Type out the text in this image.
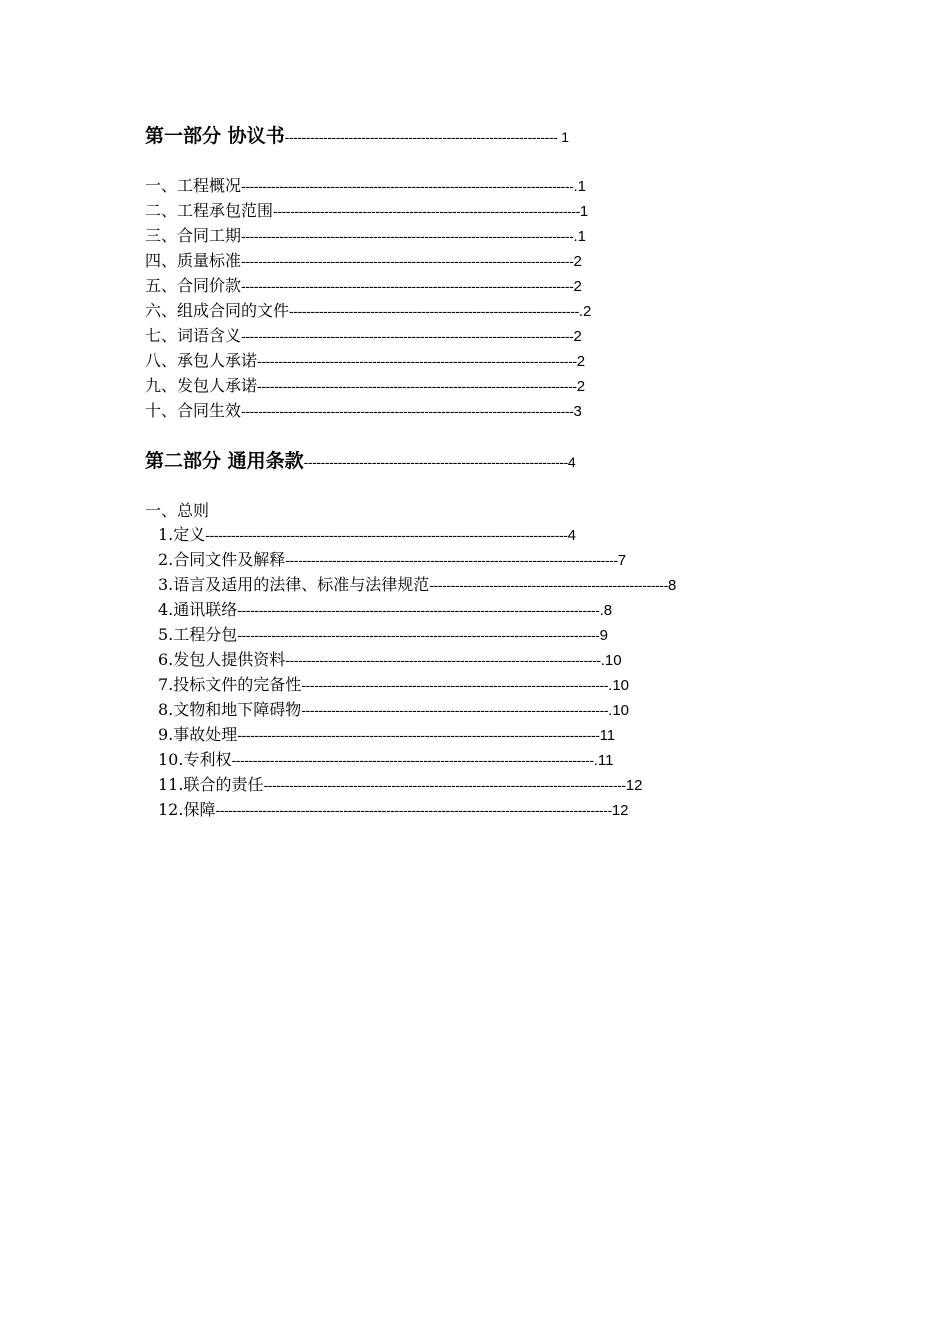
第一部分 协议书---------------------------------------------------------------- 1
一、工程概况------------------------------------------------------------------------------.1
二、工程承包范围------------------------------------------------------------------------1
三、合同工期------------------------------------------------------------------------------.1
四、质量标准------------------------------------------------------------------------------2
五、合同价款------------------------------------------------------------------------------2
六、组成合同的文件--------------------------------------------------------------------.2
七、词语含义------------------------------------------------------------------------------2
八、承包人承诺---------------------------------------------------------------------------2
九、发包人承诺---------------------------------------------------------------------------2
十、合同生效------------------------------------------------------------------------------3
第二部分 通用条款--------------------------------------------------------------4
一、总则
1.定义-------------------------------------------------------------------------------------4
2.合同文件及解释------------------------------------------------------------------------------7
3.语言及适用的法律、标准与法律规范--------------------------------------------------------8
4.通讯联络-------------------------------------------------------------------------------------.8
5.工程分包-------------------------------------------------------------------------------------9
6.发包人提供资料--------------------------------------------------------------------------.10
7.投标文件的完备性------------------------------------------------------------------------.10
8.文物和地下障碍物------------------------------------------------------------------------.10
9.事故处理-------------------------------------------------------------------------------------11
10.专利权-------------------------------------------------------------------------------------.11
11.联合的责任-------------------------------------------------------------------------------------12
12.保障---------------------------------------------------------------------------------------------12
